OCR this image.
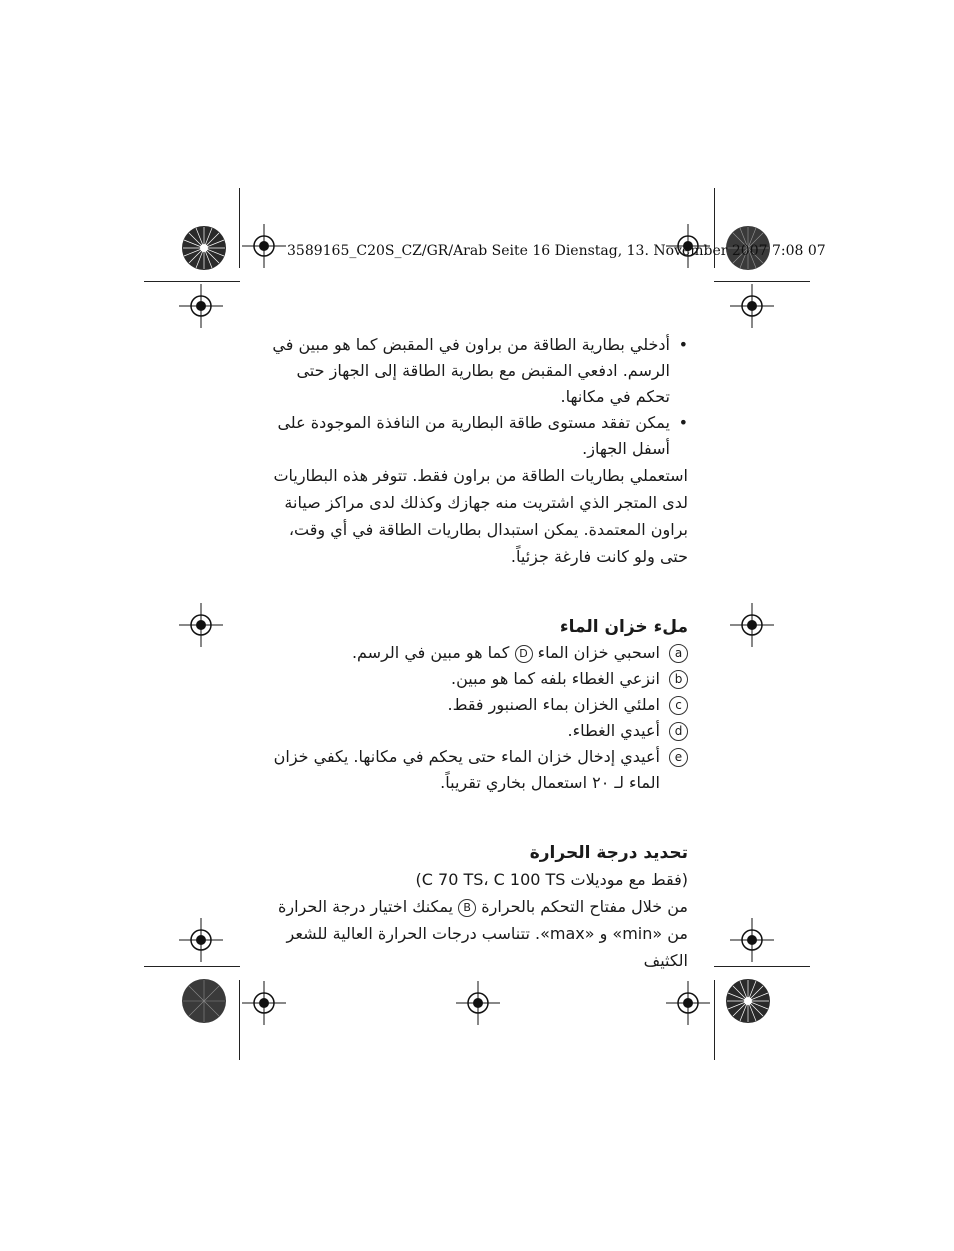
3589165_C20S_CZ/GR/Arab Seite 16 Dienstag, 13. November 2007 7:08 07
•
أدخلي بطارية الطاقة من براون في المقبض كما هو مبين في الرسم. ادفعي المقبض مع بطارية الطاقة إلى الجهاز حتى تحكم في مكانها.
•
يمكن تفقد مستوى طاقة البطارية من النافذة الموجودة على أسفل الجهاز.

استعملي بطاريات الطاقة من براون فقط. تتوفر هذه البطاريات لدى المتجر الذي اشتريت منه جهازك وكذلك لدى مراكز صيانة براون المعتمدة. يمكن استبدال بطاريات الطاقة في أي وقت، حتى ولو كانت فارغة جزئياً.

ملء خزان الماء

a
اسحبي خزان الماء D كما هو مبين في الرسم.
b
انزعي الغطاء بلفه كما هو مبين.
c
املئي الخزان بماء الصنبور فقط.
d
أعيدي الغطاء.
e
أعيدي إدخال خزان الماء حتى يحكم في مكانها. يكفي خزان الماء لـ ٢٠ استعمال بخاري تقريباً.

تحديد درجة الحرارة

(فقط مع موديلات C 70 TS، C 100 TS)

من خلال مفتاح التحكم بالحرارة B يمكنك اختيار درجة الحرارة من «min» و «max». تتناسب درجات الحرارة العالية للشعر الكثيف
